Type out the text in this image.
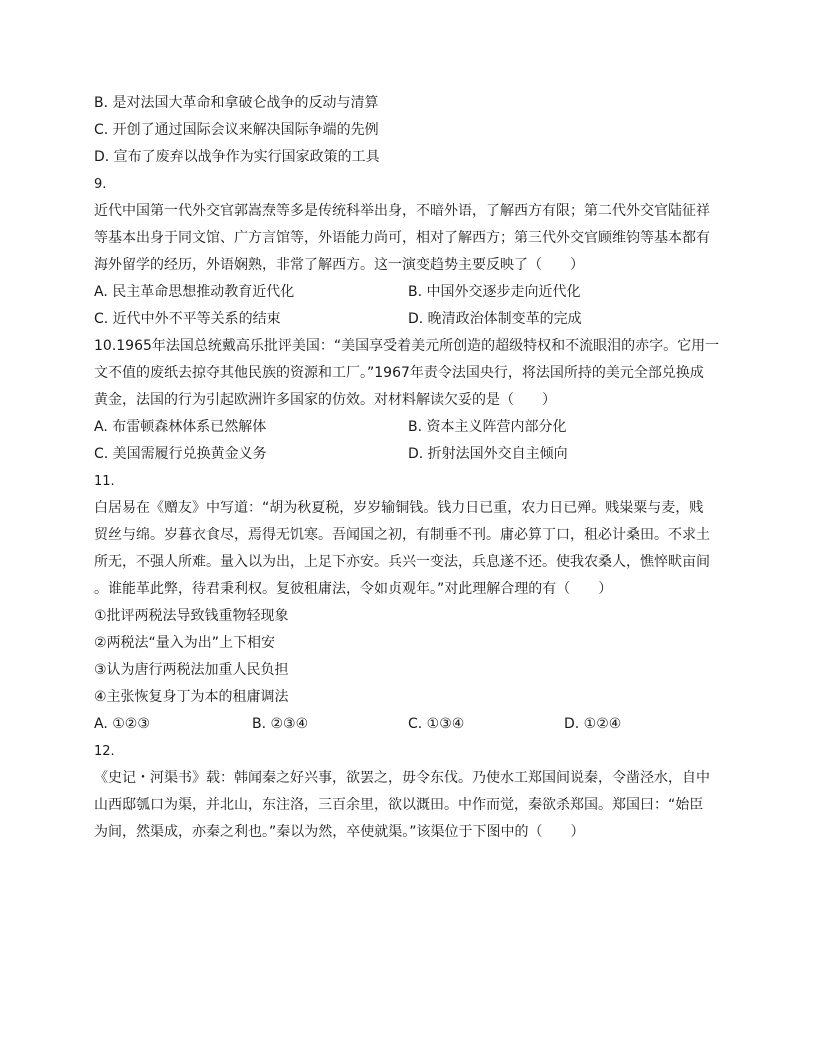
B. 是对法国大革命和拿破仑战争的反动与清算
C. 开创了通过国际会议来解决国际争端的先例
D. 宣布了废弃以战争作为实行国家政策的工具
9.
近代中国第一代外交官郭嵩焘等多是传统科举出身，不暗外语，了解西方有限；第二代外交官陆征祥
等基本出身于同文馆、广方言馆等，外语能力尚可，相对了解西方；第三代外交官顾维钧等基本都有
海外留学的经历，外语娴熟，非常了解西方。这一演变趋势主要反映了（　　）
A. 民主革命思想推动教育近代化	B. 中国外交逐步走向近代化
C. 近代中外不平等关系的结束	D. 晚清政治体制变革的完成
10.1965年法国总统戴高乐批评美国：“美国享受着美元所创造的超级特权和不流眼泪的赤字。它用一
文不值的废纸去掠夺其他民族的资源和工厂。”1967年责令法国央行，将法国所持的美元全部兑换成
黄金，法国的行为引起欧洲许多国家的仿效。对材料解读欠妥的是（　　）
A. 布雷顿森林体系已然解体	B. 资本主义阵营内部分化
C. 美国需履行兑换黄金义务	D. 折射法国外交自主倾向
11.
白居易在《赠友》中写道：“胡为秋夏税，岁岁输铜钱。钱力日已重，农力日已殚。贱粜粟与麦，贱
贸丝与绵。岁暮衣食尽，焉得无饥寒。吾闻国之初，有制垂不刊。庸必算丁口，租必计桑田。不求土
所无，不强人所难。量入以为出，上足下亦安。兵兴一变法，兵息遂不还。使我农桑人，憔悴畎亩间
。谁能革此弊，待君秉利权。复彼租庸法，令如贞观年。”对此理解合理的有（　　）
①批评两税法导致钱重物轻现象
②两税法“量入为出”上下相安
③认为唐行两税法加重人民负担
④主张恢复身丁为本的租庸调法
A. ①②③	B. ②③④	C. ①③④	D. ①②④
12.
《史记・河渠书》载：韩闻秦之好兴事，欲罢之，毋令东伐。乃使水工郑国间说秦，令凿泾水，自中
山西邸瓠口为渠，并北山，东注洛，三百余里，欲以溉田。中作而觉，秦欲杀郑国。郑国曰：“始臣
为间，然渠成，亦秦之利也。”秦以为然，卒使就渠。”该渠位于下图中的（　　）
